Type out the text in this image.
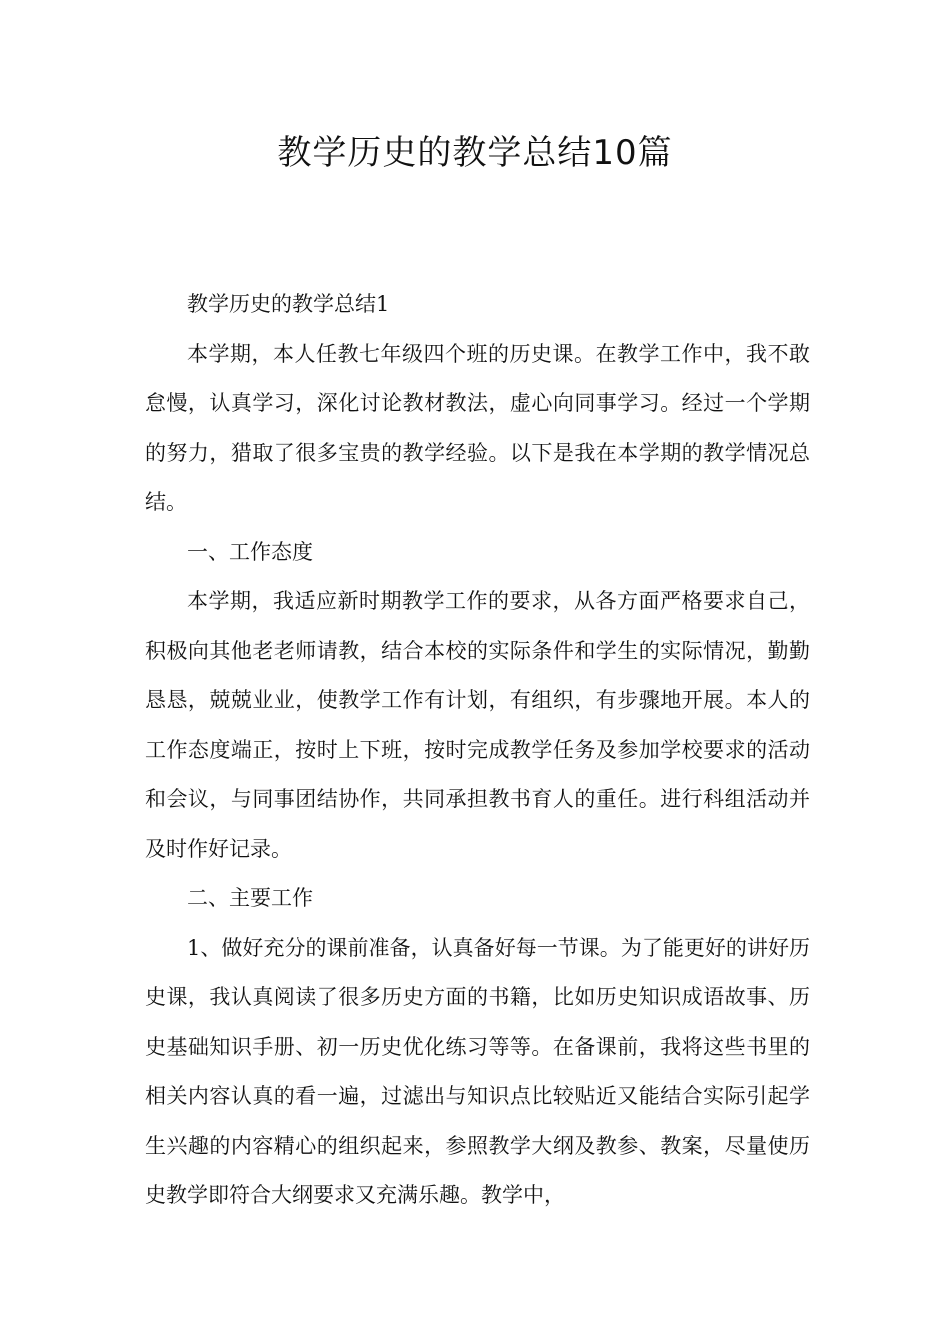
教学历史的教学总结10篇

教学历史的教学总结1

本学期，本人任教七年级四个班的历史课。在教学工作中，我不敢怠慢，认真学习，深化讨论教材教法，虚心向同事学习。经过一个学期的努力，猎取了很多宝贵的教学经验。以下是我在本学期的教学情况总结。

一、工作态度

本学期，我适应新时期教学工作的要求，从各方面严格要求自己，积极向其他老老师请教，结合本校的实际条件和学生的实际情况，勤勤恳恳，兢兢业业，使教学工作有计划，有组织，有步骤地开展。本人的工作态度端正，按时上下班，按时完成教学任务及参加学校要求的活动和会议，与同事团结协作，共同承担教书育人的重任。进行科组活动并及时作好记录。

二、主要工作

1、做好充分的课前准备，认真备好每一节课。为了能更好的讲好历史课，我认真阅读了很多历史方面的书籍，比如历史知识成语故事、历史基础知识手册、初一历史优化练习等等。在备课前，我将这些书里的相关内容认真的看一遍，过滤出与知识点比较贴近又能结合实际引起学生兴趣的内容精心的组织起来，参照教学大纲及教参、教案，尽量使历史教学即符合大纲要求又充满乐趣。教学中，
